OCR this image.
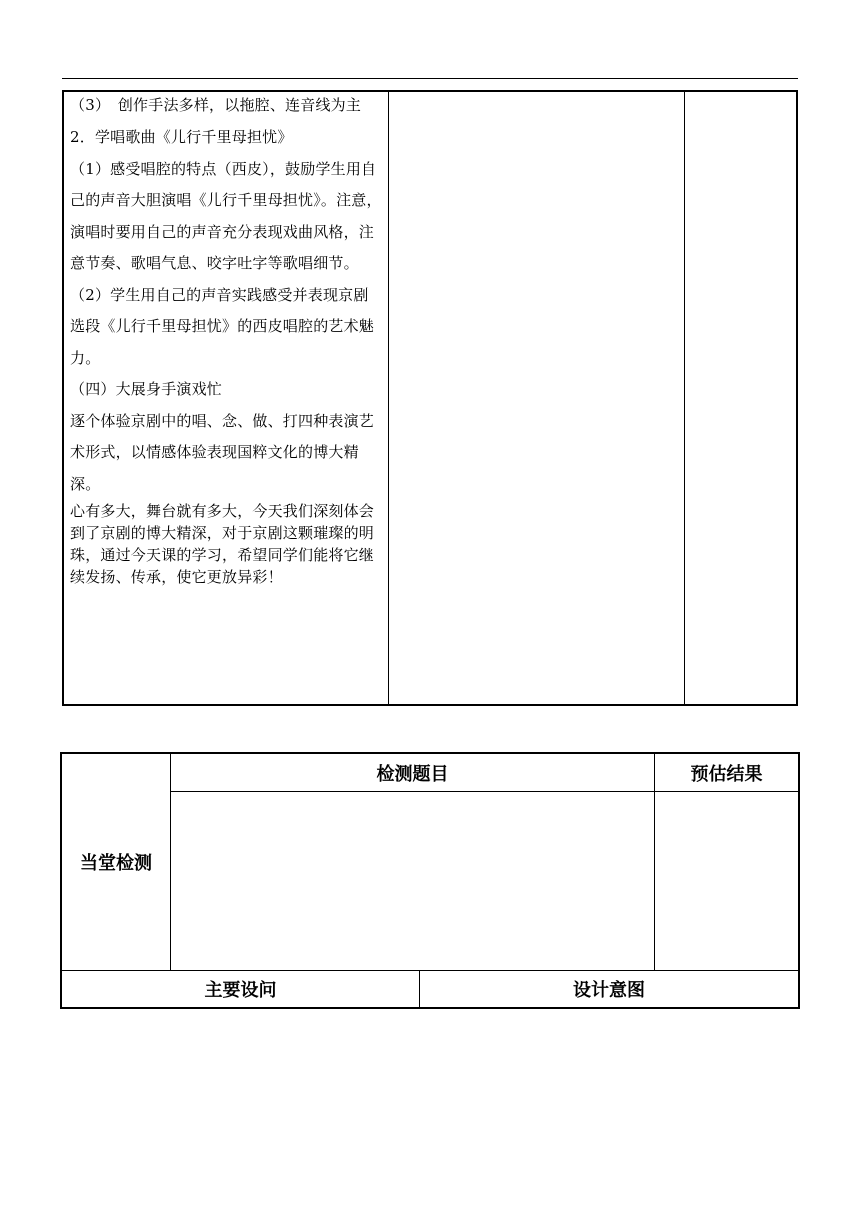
（3）　创作手法多样，以拖腔、连音线为主

2．学唱歌曲《儿行千里母担忧》

（1）感受唱腔的特点（西皮），鼓励学生用自己的声音大胆演唱《儿行千里母担忧》。注意，演唱时要用自己的声音充分表现戏曲风格，注意节奏、歌唱气息、咬字吐字等歌唱细节。

（2）学生用自己的声音实践感受并表现京剧选段《儿行千里母担忧》的西皮唱腔的艺术魅力。

（四）大展身手演戏忙

逐个体验京剧中的唱、念、做、打四种表演艺术形式，以情感体验表现国粹文化的博大精深。

心有多大，舞台就有多大，今天我们深刻体会到了京剧的博大精深，对于京剧这颗璀璨的明珠，通过今天课的学习，希望同学们能将它继续发扬、传承，使它更放异彩！

当堂检测
检测题目	预估结果
主要设问	设计意图
